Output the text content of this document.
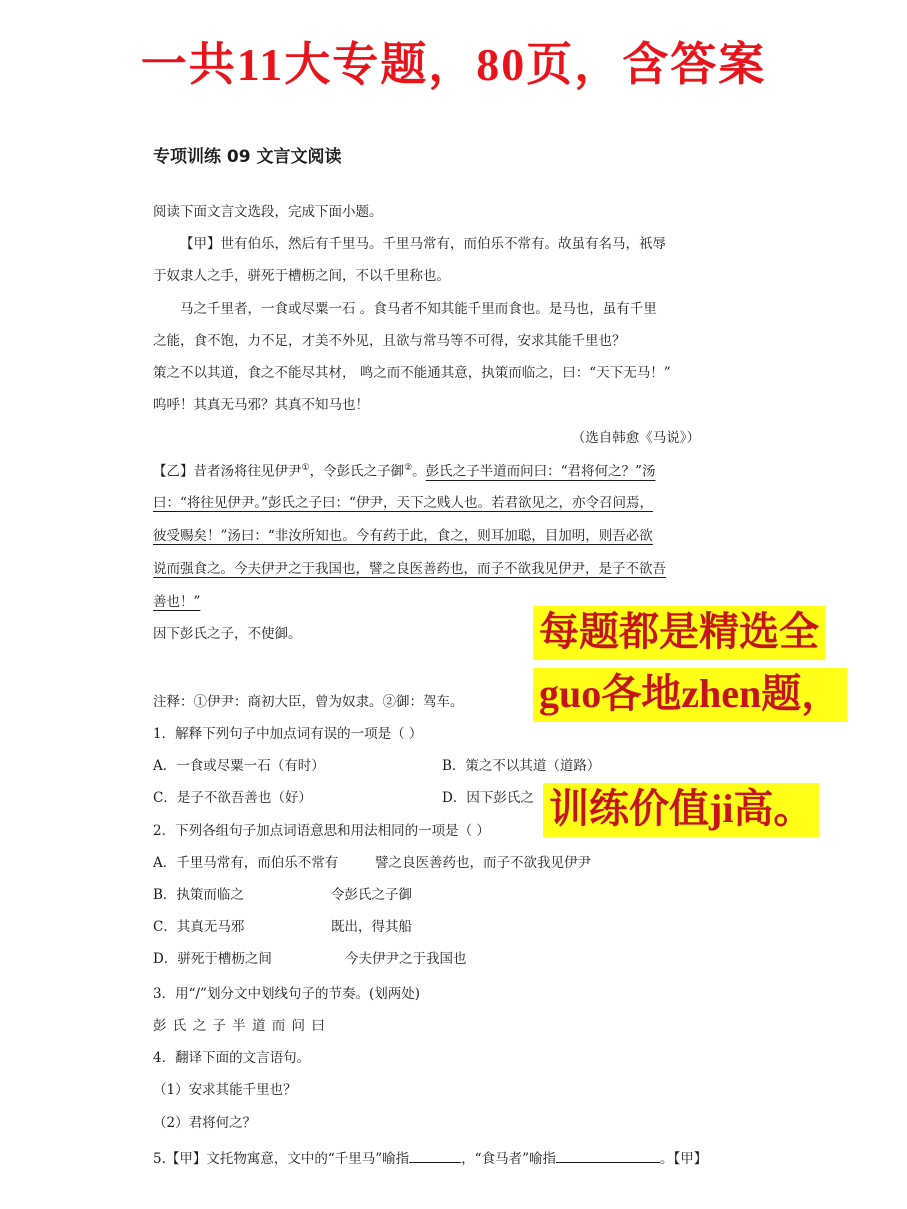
一共11大专题，80页，含答案
专项训练 09 文言文阅读
阅读下面文言文选段，完成下面小题。
【甲】世有伯乐，然后有千里马。千里马常有，而伯乐不常有。故虽有名马，祇辱
于奴隶人之手，骈死于槽枥之间，不以千里称也。
马之千里者，一食或尽粟一石 。食马者不知其能千里而食也。是马也，虽有千里
之能，食不饱，力不足，才美不外见，且欲与常马等不可得，安求其能千里也？
策之不以其道，食之不能尽其材， 鸣之而不能通其意，执策而临之，曰：“天下无马！”
呜呼！其真无马邪？其真不知马也！
（选自韩愈《马说》）
【乙】昔者汤将往见伊尹①，令彭氏之子御②。彭氏之子半道而问曰：“君将何之？”汤
曰：“将往见伊尹。”彭氏之子曰：“伊尹，天下之贱人也。若君欲见之，亦令召问焉，
彼受赐矣！”汤曰：“非汝所知也。今有药于此，食之，则耳加聪，目加明，则吾必欲
说而强食之。今夫伊尹之于我国也，譬之良医善药也，而子不欲我见伊尹，是子不欲吾
善也！”
因下彭氏之子，不使御。
注释：①伊尹：商初大臣，曾为奴隶。②御：驾车。
1．解释下列句子中加点词有误的一项是（ ）
A．一食或尽粟一石（有时）	B．策之不以其道（道路）
C．是子不欲吾善也（好）	D．因下彭氏之
2．下列各组句子加点词语意思和用法相同的一项是（ ）
A．千里马常有，而伯乐不常有	譬之良医善药也，而子不欲我见伊尹
B．执策而临之	令彭氏之子御
C．其真无马邪	既出，得其船
D．骈死于槽枥之间	今夫伊尹之于我国也
3．用“/”划分文中划线句子的节奏。(划两处)
彭 氏 之 子 半 道 而 问 曰
4．翻译下面的文言语句。
（1）安求其能千里也？
（2）君将何之？
5.【甲】文托物寓意，文中的“千里马”喻指	，“食马者”喻指	。【甲】
每题都是精选全
guo各地zhen题，
训练价值ji高。
